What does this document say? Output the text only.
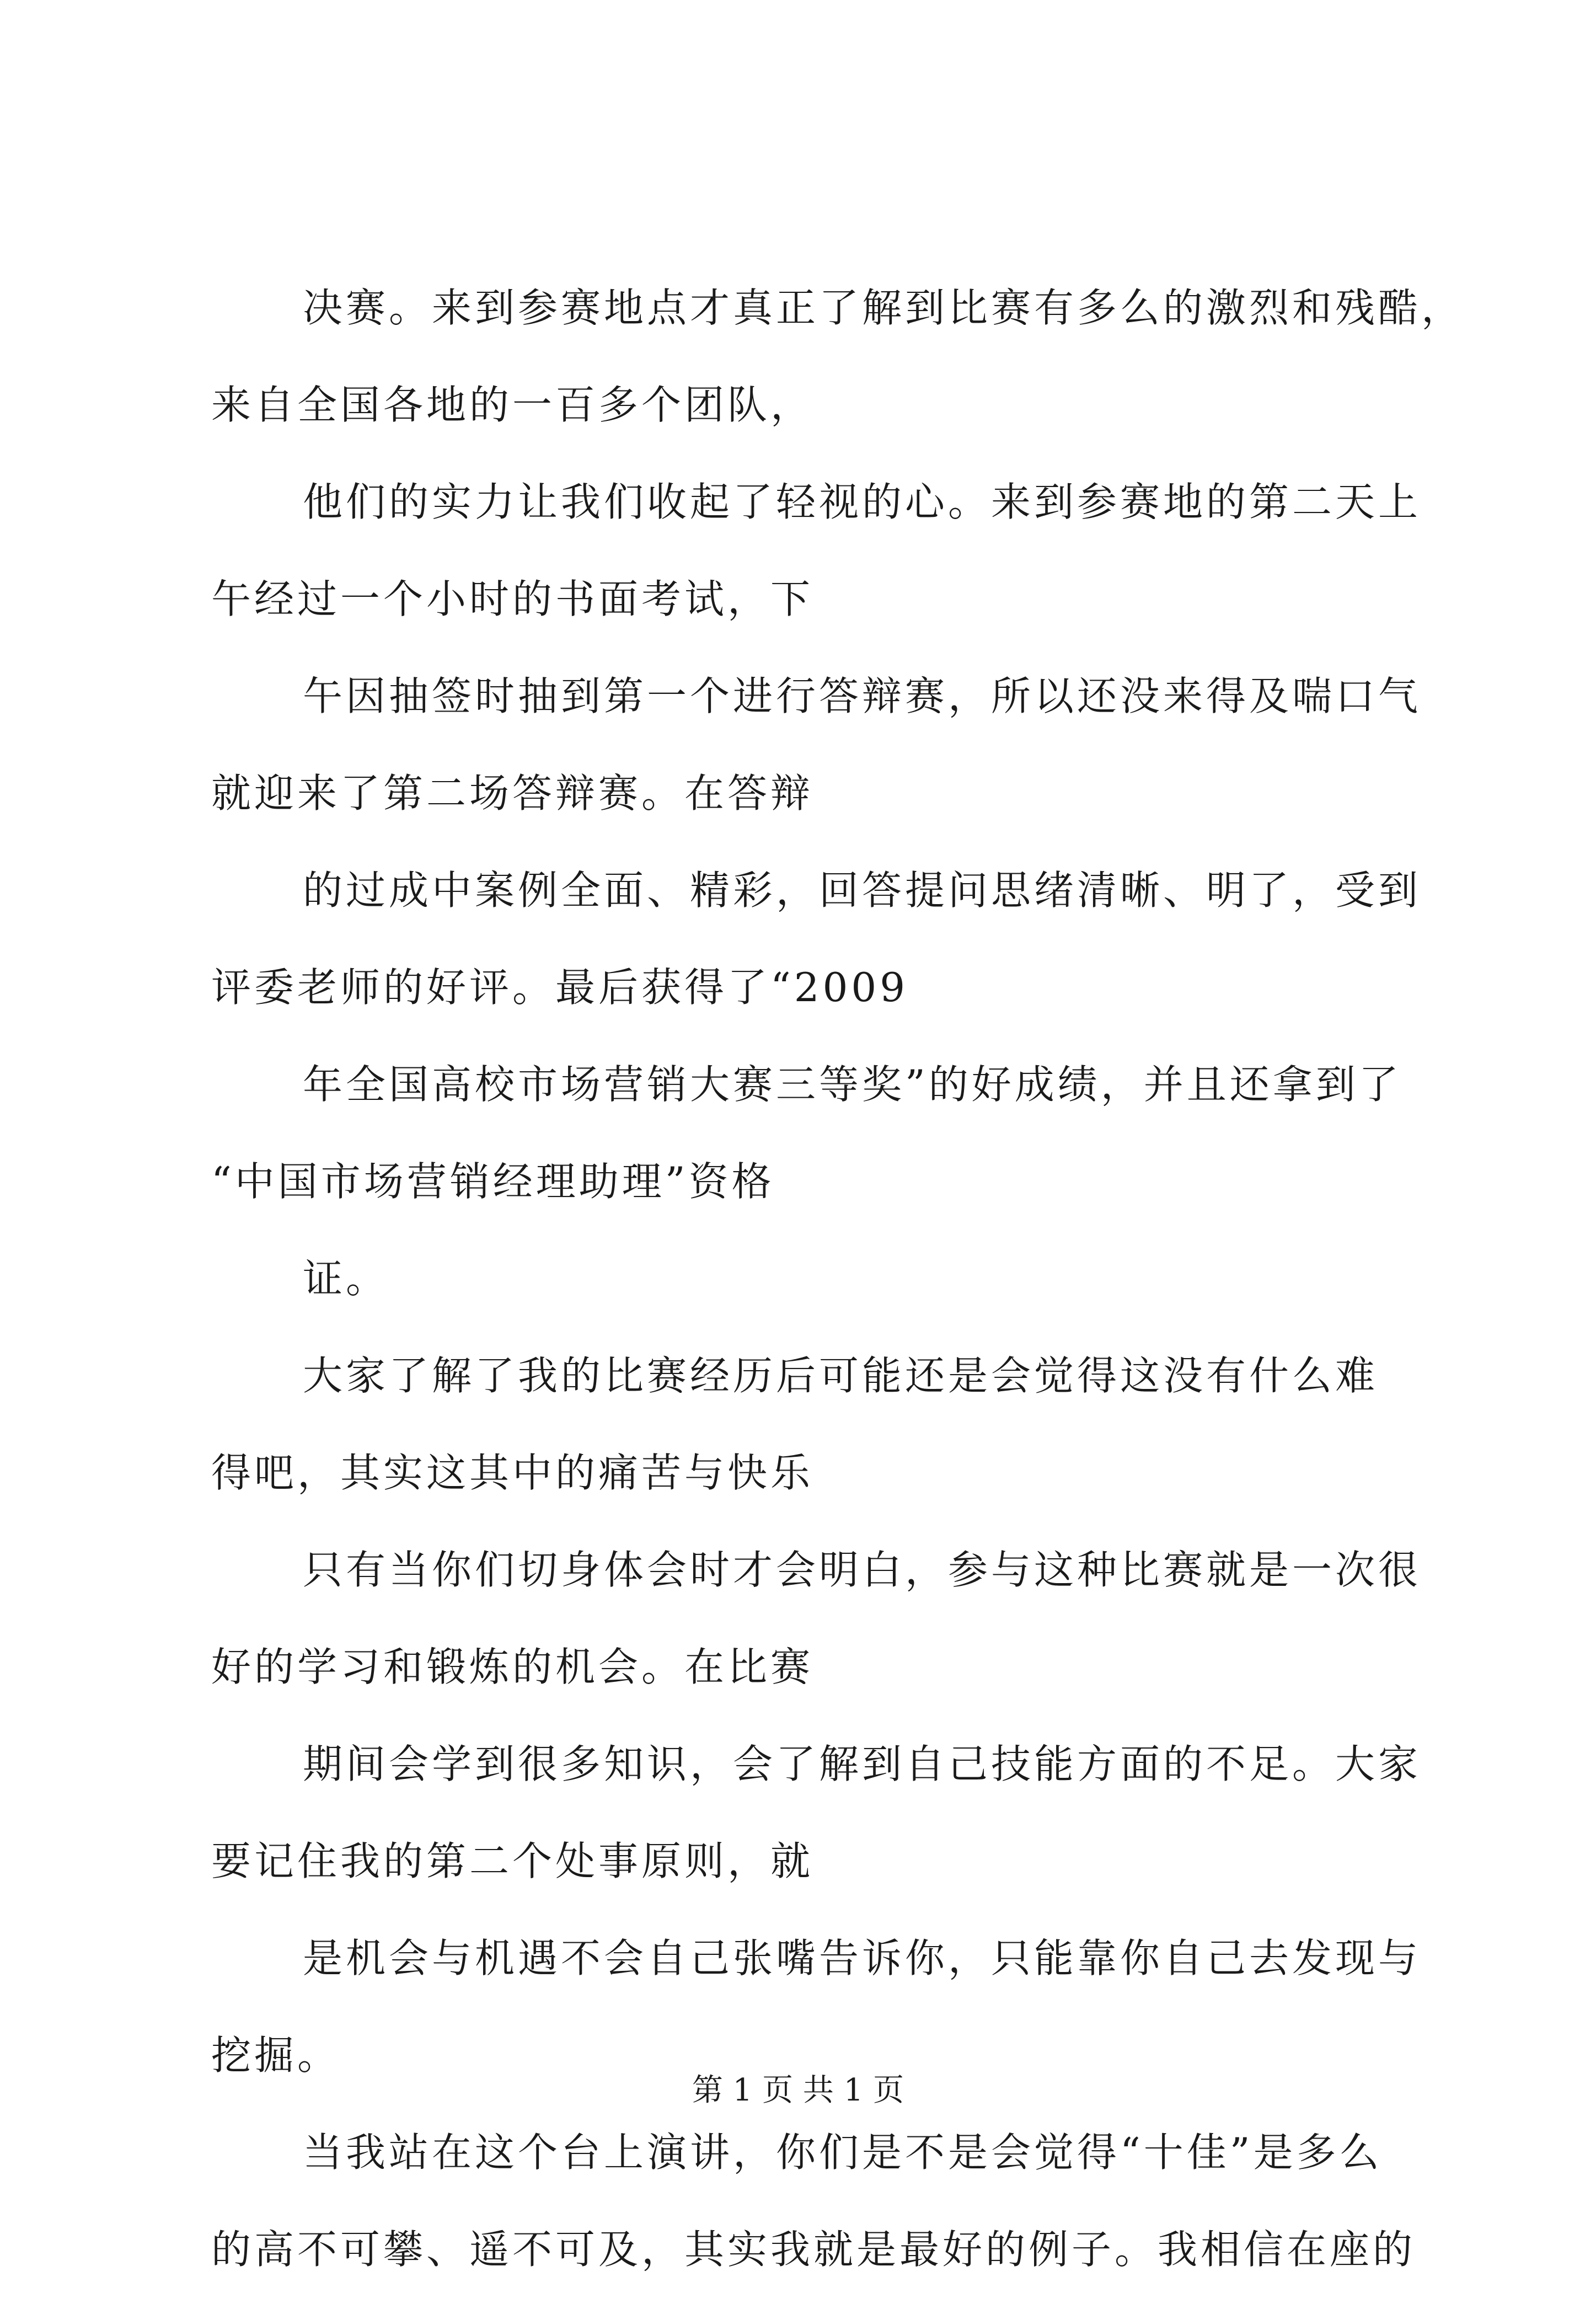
决赛。来到参赛地点才真正了解到比赛有多么的激烈和残酷，
来自全国各地的一百多个团队，
他们的实力让我们收起了轻视的心。来到参赛地的第二天上
午经过一个小时的书面考试，下
午因抽签时抽到第一个进行答辩赛，所以还没来得及喘口气
就迎来了第二场答辩赛。在答辩
的过成中案例全面、精彩，回答提问思绪清晰、明了，受到
评委老师的好评。最后获得了“2009
年全国高校市场营销大赛三等奖”的好成绩，并且还拿到了
“中国市场营销经理助理”资格
证。
大家了解了我的比赛经历后可能还是会觉得这没有什么难
得吧，其实这其中的痛苦与快乐
只有当你们切身体会时才会明白，参与这种比赛就是一次很
好的学习和锻炼的机会。在比赛
期间会学到很多知识，会了解到自己技能方面的不足。大家
要记住我的第二个处事原则，就
是机会与机遇不会自己张嘴告诉你，只能靠你自己去发现与
挖掘。
当我站在这个台上演讲，你们是不是会觉得“十佳”是多么
的高不可攀、遥不可及，其实我就是最好的例子。我相信在座的
第 1 页 共 1 页
